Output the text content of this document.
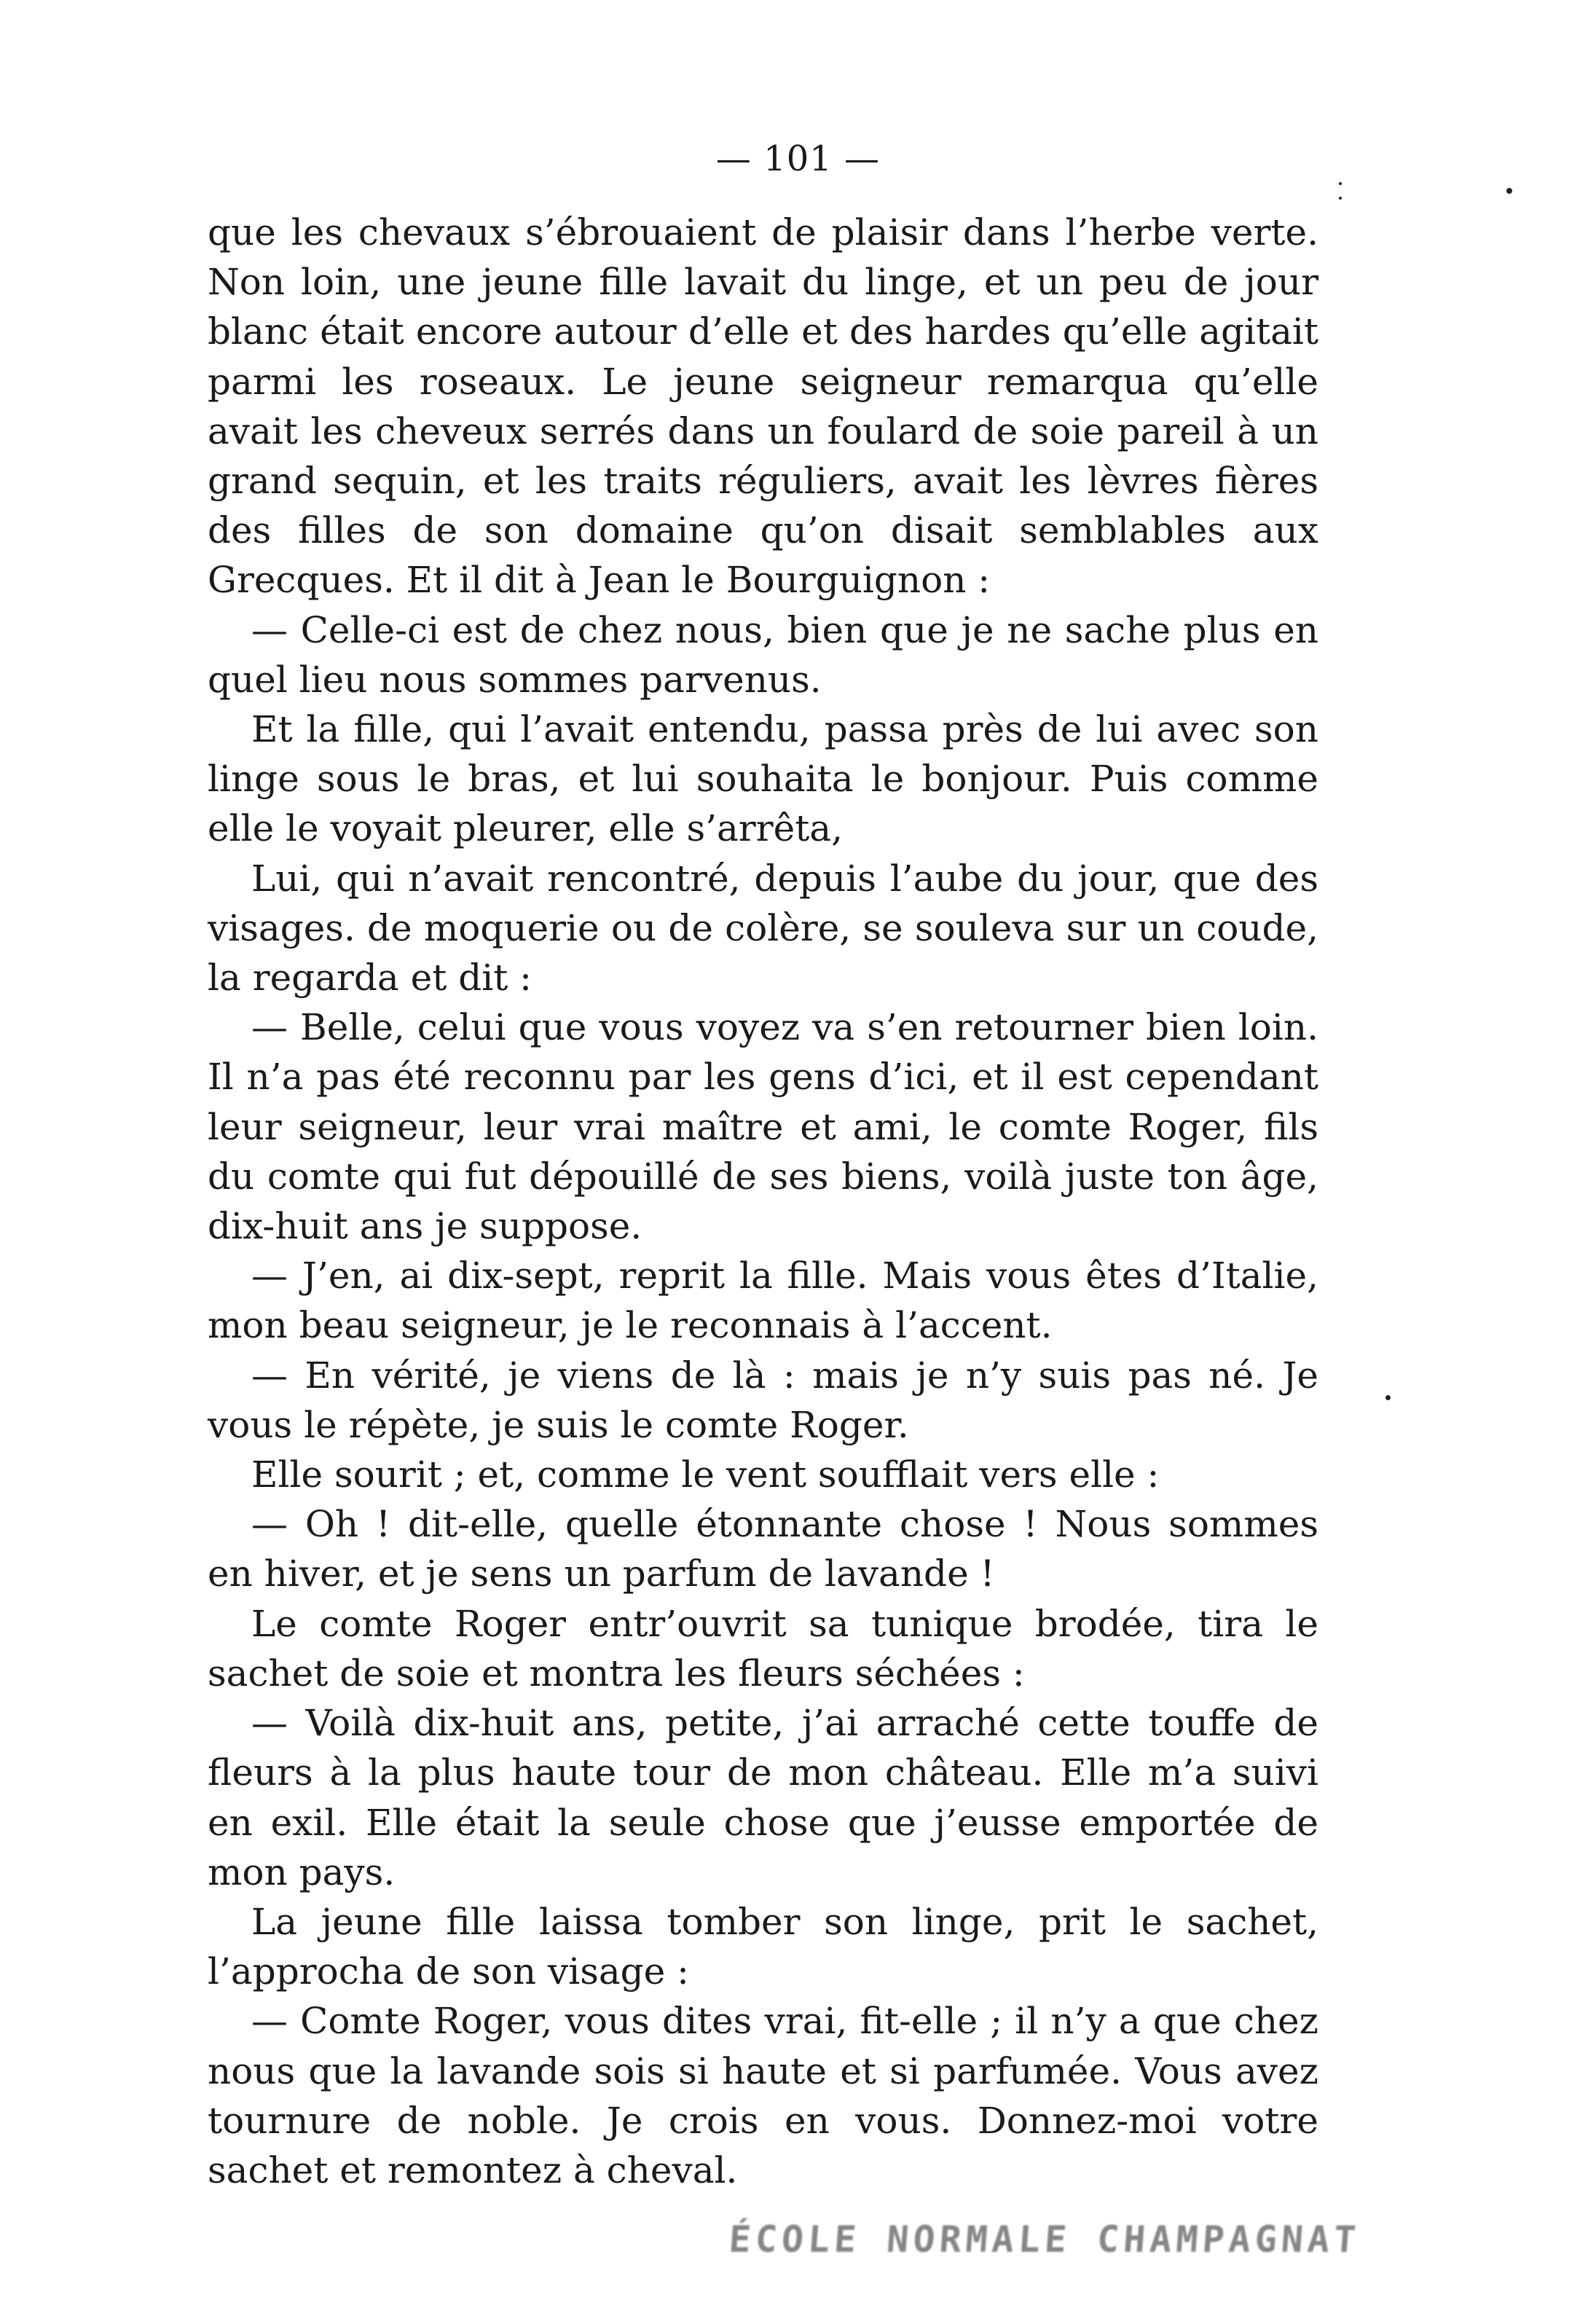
— 101 —

que les chevaux s’ébrouaient de plaisir dans l’herbe verte. Non loin, une jeune fille lavait du linge, et un peu de jour blanc était encore autour d’elle et des hardes qu’elle agitait parmi les roseaux. Le jeune seigneur remarqua qu’elle avait les cheveux serrés dans un foulard de soie pareil à un grand sequin, et les traits réguliers, avait les lèvres fières des filles de son domaine qu’on disait semblables aux Grecques. Et il dit à Jean le Bourguignon :

— Celle-ci est de chez nous, bien que je ne sache plus en quel lieu nous sommes parvenus.

Et la fille, qui l’avait entendu, passa près de lui avec son linge sous le bras, et lui souhaita le bonjour. Puis comme elle le voyait pleurer, elle s’arrêta,

Lui, qui n’avait rencontré, depuis l’aube du jour, que des visages. de moquerie ou de colère, se souleva sur un coude, la regarda et dit :

— Belle, celui que vous voyez va s’en retourner bien loin. Il n’a pas été reconnu par les gens d’ici, et il est cependant leur seigneur, leur vrai maître et ami, le comte Roger, fils du comte qui fut dépouillé de ses biens, voilà juste ton âge, dix-huit ans je suppose.

— J’en, ai dix-sept, reprit la fille. Mais vous êtes d’Italie, mon beau seigneur, je le reconnais à l’accent.

— En vérité, je viens de là : mais je n’y suis pas né. Je vous le répète, je suis le comte Roger.

Elle sourit ; et, comme le vent soufflait vers elle :

— Oh ! dit-elle, quelle étonnante chose ! Nous sommes en hiver, et je sens un parfum de lavande !

Le comte Roger entr’ouvrit sa tunique brodée, tira le sachet de soie et montra les fleurs séchées :

— Voilà dix-huit ans, petite, j’ai arraché cette touffe de fleurs à la plus haute tour de mon château. Elle m’a suivi en exil. Elle était la seule chose que j’eusse emportée de mon pays.

La jeune fille laissa tomber son linge, prit le sachet, l’approcha de son visage :

— Comte Roger, vous dites vrai, fit-elle ; il n’y a que chez nous que la lavande sois si haute et si parfumée. Vous avez tournure de noble. Je crois en vous. Donnez-moi votre sachet et remontez à cheval.

ÉCOLE NORMALE CHAMPAGNAT
